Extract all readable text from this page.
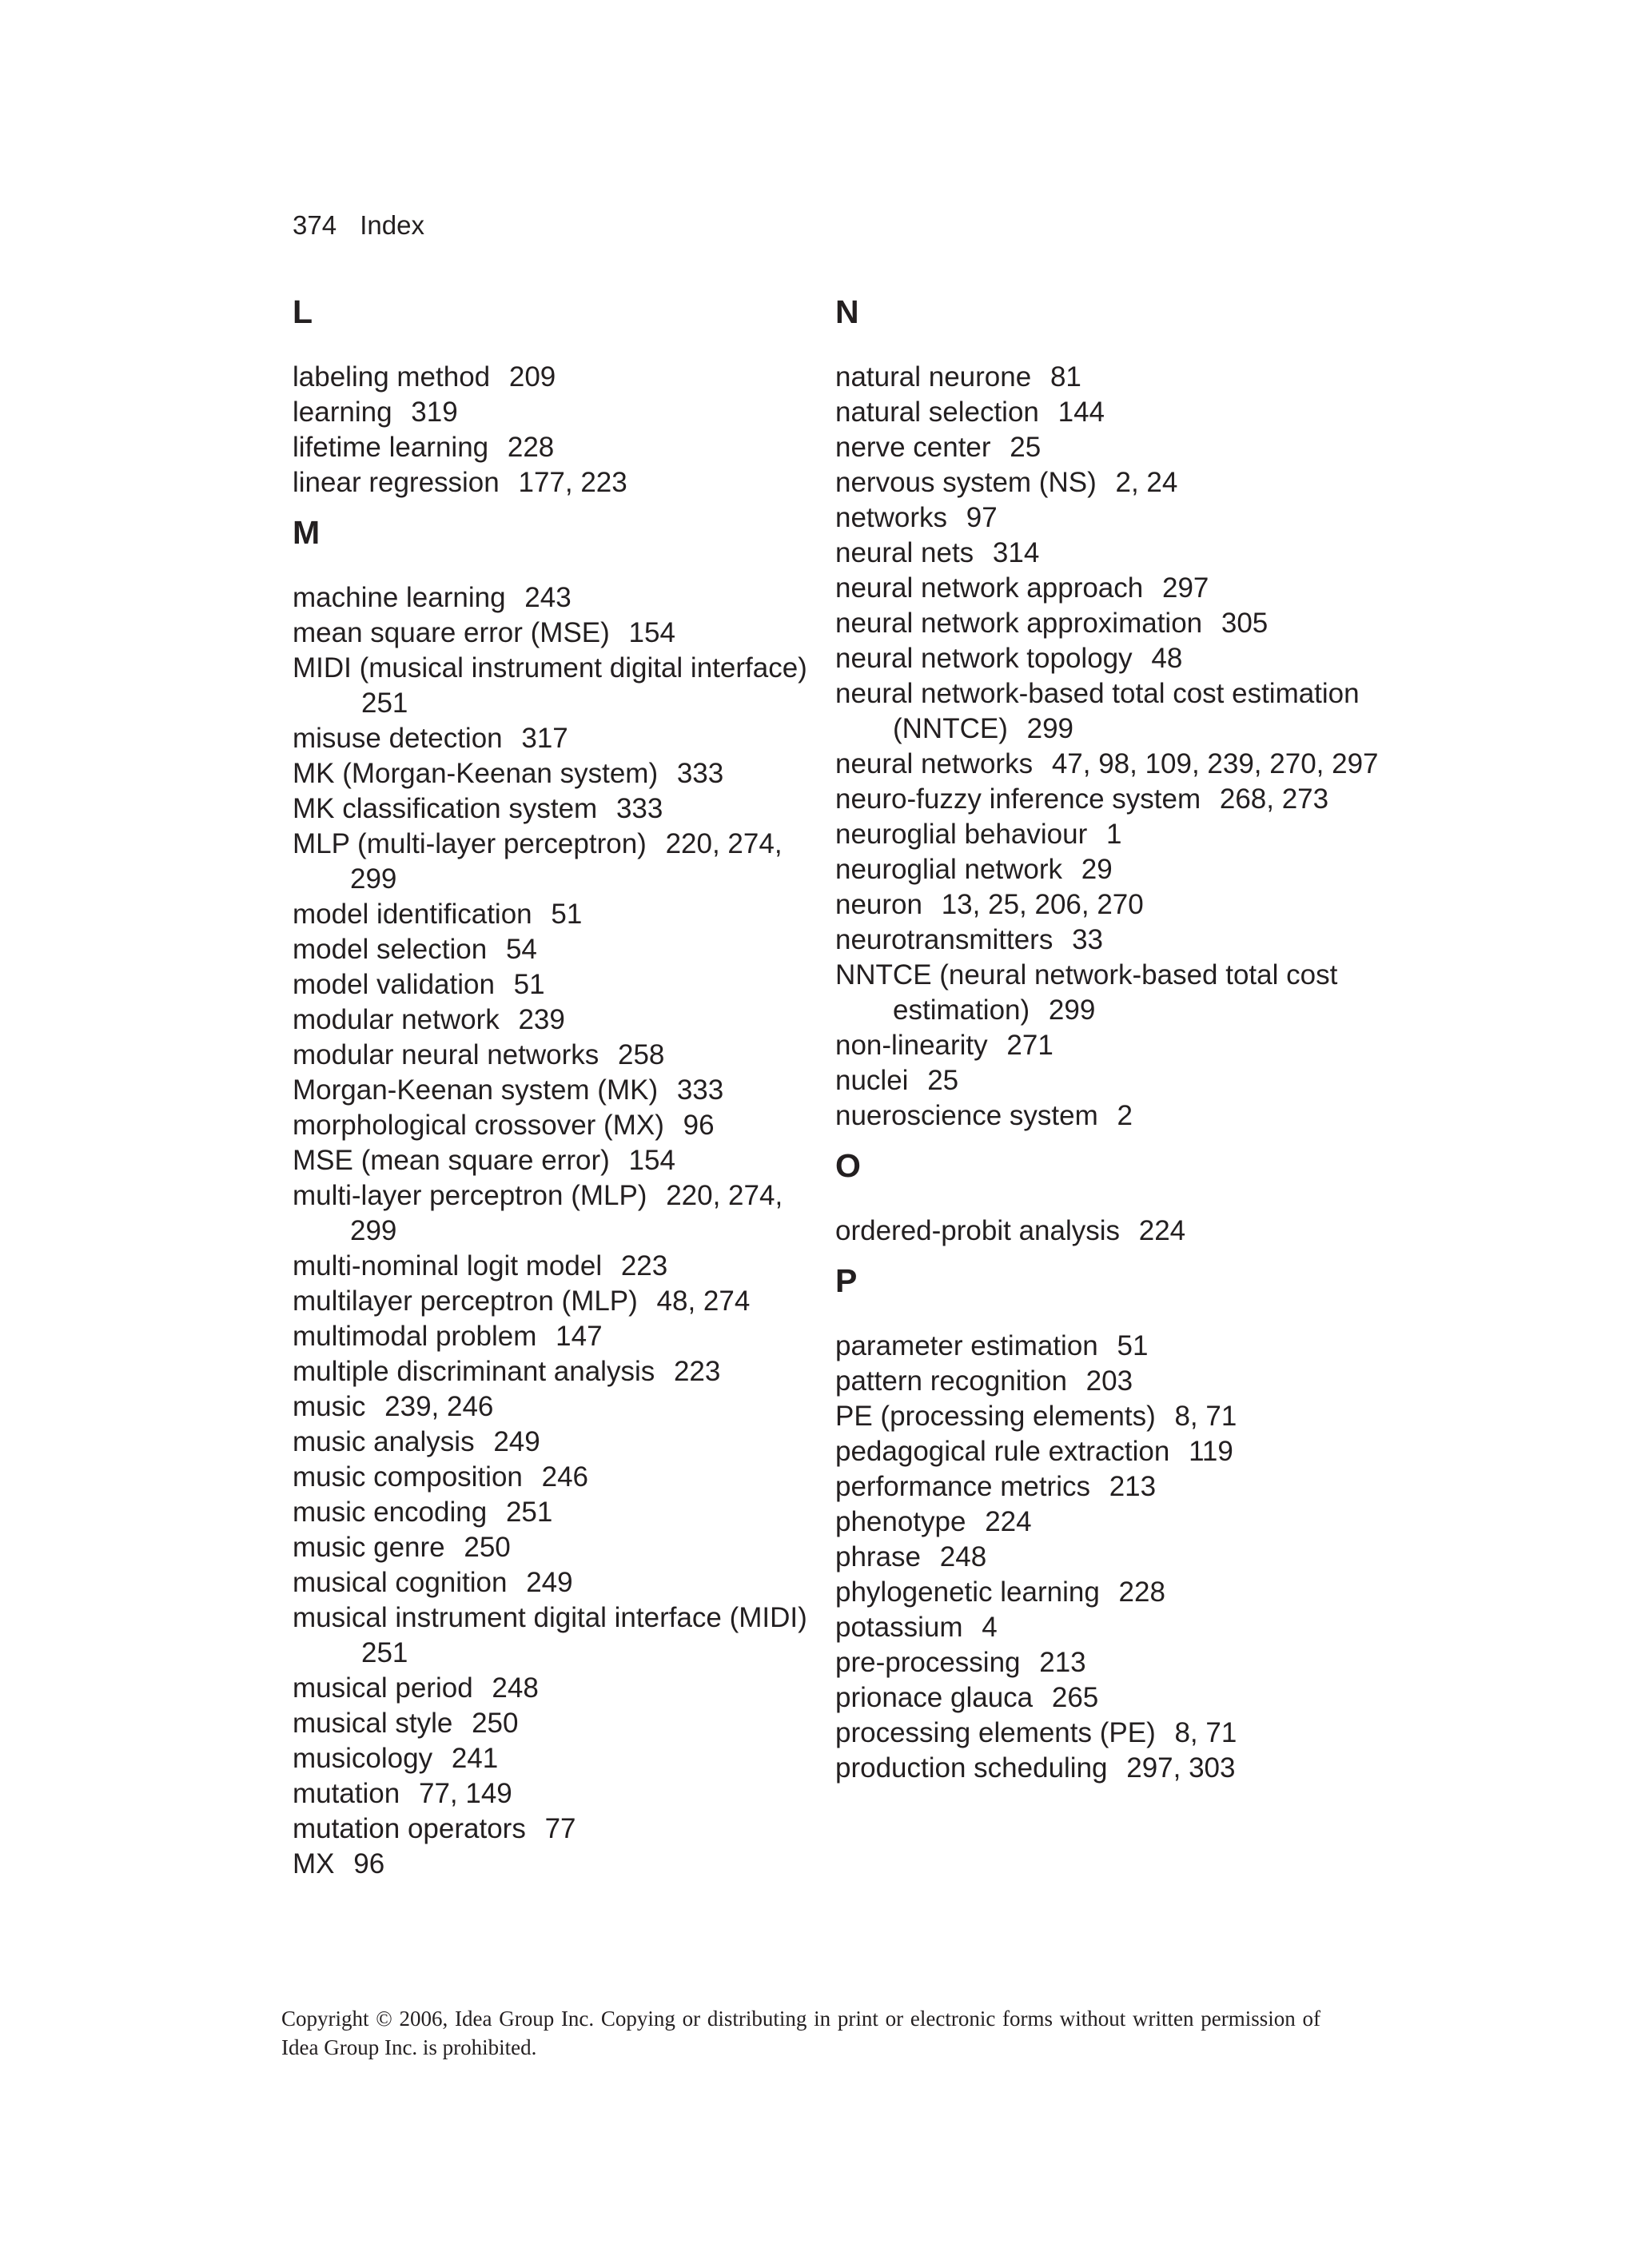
374 Index
L
labeling method 209
learning 319
lifetime learning 228
linear regression 177, 223
M
machine learning 243
mean square error (MSE) 154
MIDI (musical instrument digital interface) 251
misuse detection 317
MK (Morgan-Keenan system) 333
MK classification system 333
MLP (multi-layer perceptron) 220, 274, 299
model identification 51
model selection 54
model validation 51
modular network 239
modular neural networks 258
Morgan-Keenan system (MK) 333
morphological crossover (MX) 96
MSE (mean square error) 154
multi-layer perceptron (MLP) 220, 274, 299
multi-nominal logit model 223
multilayer perceptron (MLP) 48, 274
multimodal problem 147
multiple discriminant analysis 223
music 239, 246
music analysis 249
music composition 246
music encoding 251
music genre 250
musical cognition 249
musical instrument digital interface (MIDI) 251
musical period 248
musical style 250
musicology 241
mutation 77, 149
mutation operators 77
MX 96
N
natural neurone 81
natural selection 144
nerve center 25
nervous system (NS) 2, 24
networks 97
neural nets 314
neural network approach 297
neural network approximation 305
neural network topology 48
neural network-based total cost estimation (NNTCE) 299
neural networks 47, 98, 109, 239, 270, 297
neuro-fuzzy inference system 268, 273
neuroglial behaviour 1
neuroglial network 29
neuron 13, 25, 206, 270
neurotransmitters 33
NNTCE (neural network-based total cost estimation) 299
non-linearity 271
nuclei 25
nueroscience system 2
O
ordered-probit analysis 224
P
parameter estimation 51
pattern recognition 203
PE (processing elements) 8, 71
pedagogical rule extraction 119
performance metrics 213
phenotype 224
phrase 248
phylogenetic learning 228
potassium 4
pre-processing 213
prionace glauca 265
processing elements (PE) 8, 71
production scheduling 297, 303
Copyright © 2006, Idea Group Inc. Copying or distributing in print or electronic forms without written permission of Idea Group Inc. is prohibited.
